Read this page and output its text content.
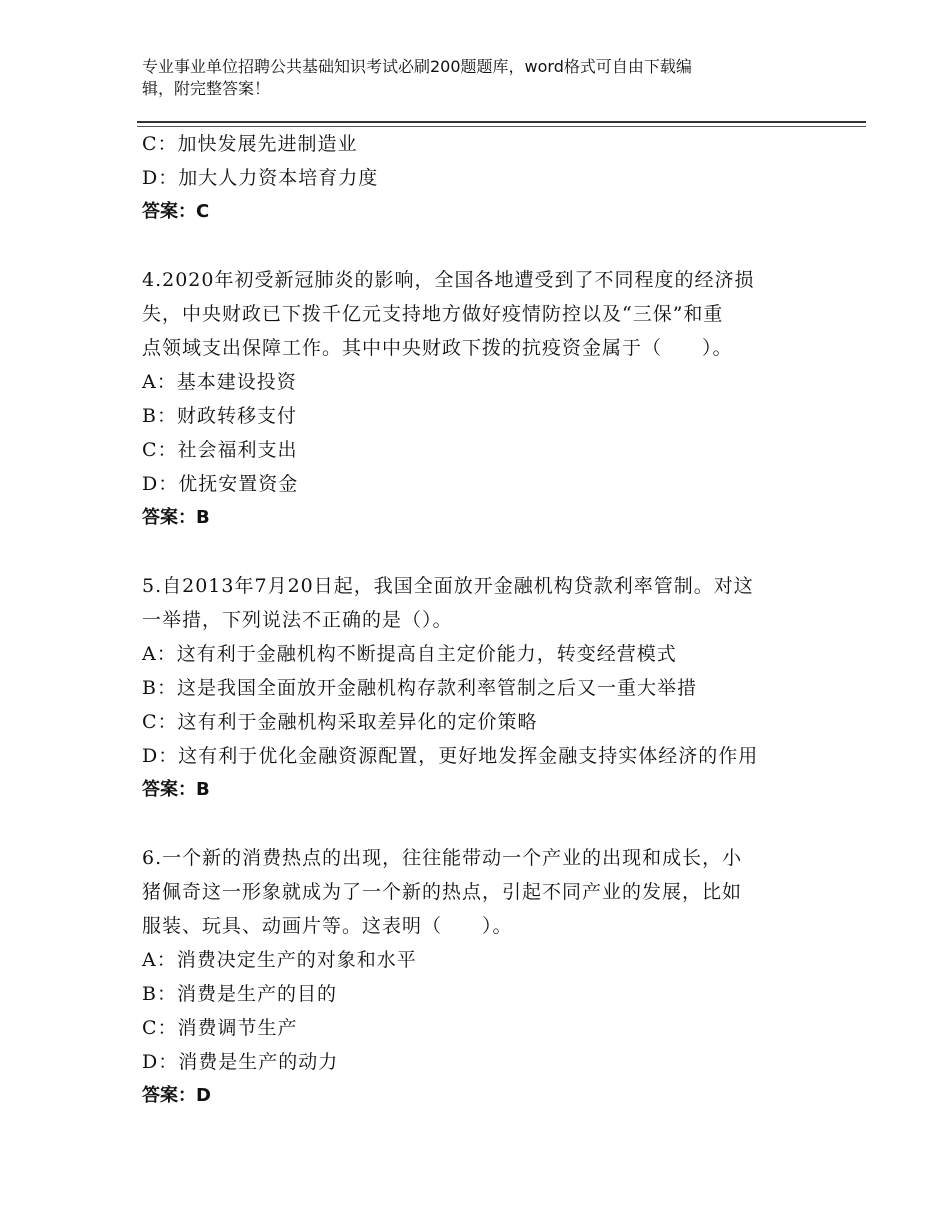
专业事业单位招聘公共基础知识考试必刷200题题库，word格式可自由下载编
辑，附完整答案！
C：加快发展先进制造业
D：加大人力资本培育力度
答案：C
4.2020年初受新冠肺炎的影响，全国各地遭受到了不同程度的经济损
失，中央财政已下拨千亿元支持地方做好疫情防控以及“三保”和重
点领域支出保障工作。其中中央财政下拨的抗疫资金属于（　　）。
A：基本建设投资
B：财政转移支付
C：社会福利支出
D：优抚安置资金
答案：B
5.自2013年7月20日起，我国全面放开金融机构贷款利率管制。对这
一举措，下列说法不正确的是（）。
A：这有利于金融机构不断提高自主定价能力，转变经营模式
B：这是我国全面放开金融机构存款利率管制之后又一重大举措
C：这有利于金融机构采取差异化的定价策略
D：这有利于优化金融资源配置，更好地发挥金融支持实体经济的作用
答案：B
6.一个新的消费热点的出现，往往能带动一个产业的出现和成长，小
猪佩奇这一形象就成为了一个新的热点，引起不同产业的发展，比如
服装、玩具、动画片等。这表明（　　）。
A：消费决定生产的对象和水平
B：消费是生产的目的
C：消费调节生产
D：消费是生产的动力
答案：D
